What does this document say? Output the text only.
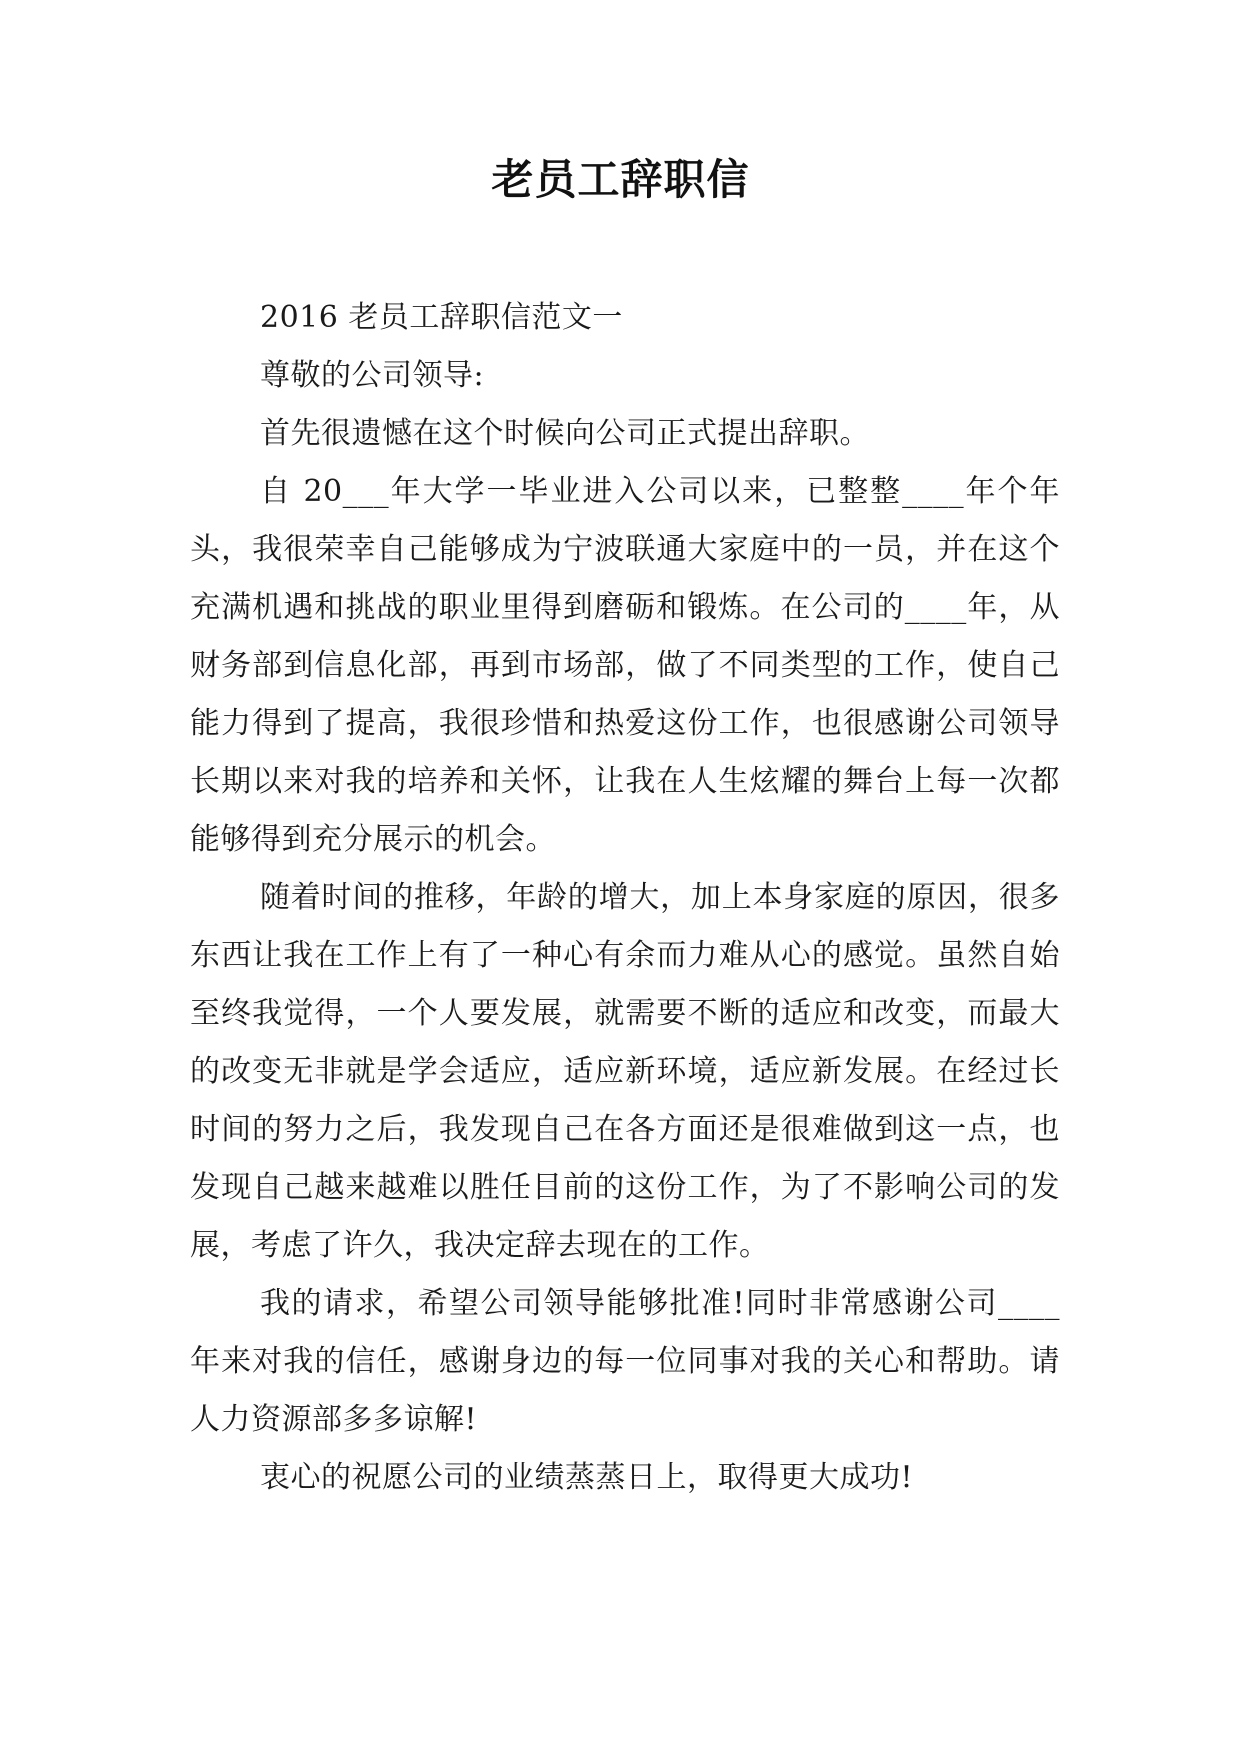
老员工辞职信

2016 老员工辞职信范文一

尊敬的公司领导:

首先很遗憾在这个时候向公司正式提出辞职。

自 20___年大学一毕业进入公司以来，已整整____年个年头，我很荣幸自己能够成为宁波联通大家庭中的一员，并在这个充满机遇和挑战的职业里得到磨砺和锻炼。在公司的____年，从财务部到信息化部，再到市场部，做了不同类型的工作，使自己能力得到了提高，我很珍惜和热爱这份工作，也很感谢公司领导长期以来对我的培养和关怀，让我在人生炫耀的舞台上每一次都能够得到充分展示的机会。

随着时间的推移，年龄的增大，加上本身家庭的原因，很多东西让我在工作上有了一种心有余而力难从心的感觉。虽然自始至终我觉得，一个人要发展，就需要不断的适应和改变，而最大的改变无非就是学会适应，适应新环境，适应新发展。在经过长时间的努力之后，我发现自己在各方面还是很难做到这一点，也发现自己越来越难以胜任目前的这份工作，为了不影响公司的发展，考虑了许久，我决定辞去现在的工作。

我的请求，希望公司领导能够批准!同时非常感谢公司____年来对我的信任，感谢身边的每一位同事对我的关心和帮助。请人力资源部多多谅解!

衷心的祝愿公司的业绩蒸蒸日上，取得更大成功!
